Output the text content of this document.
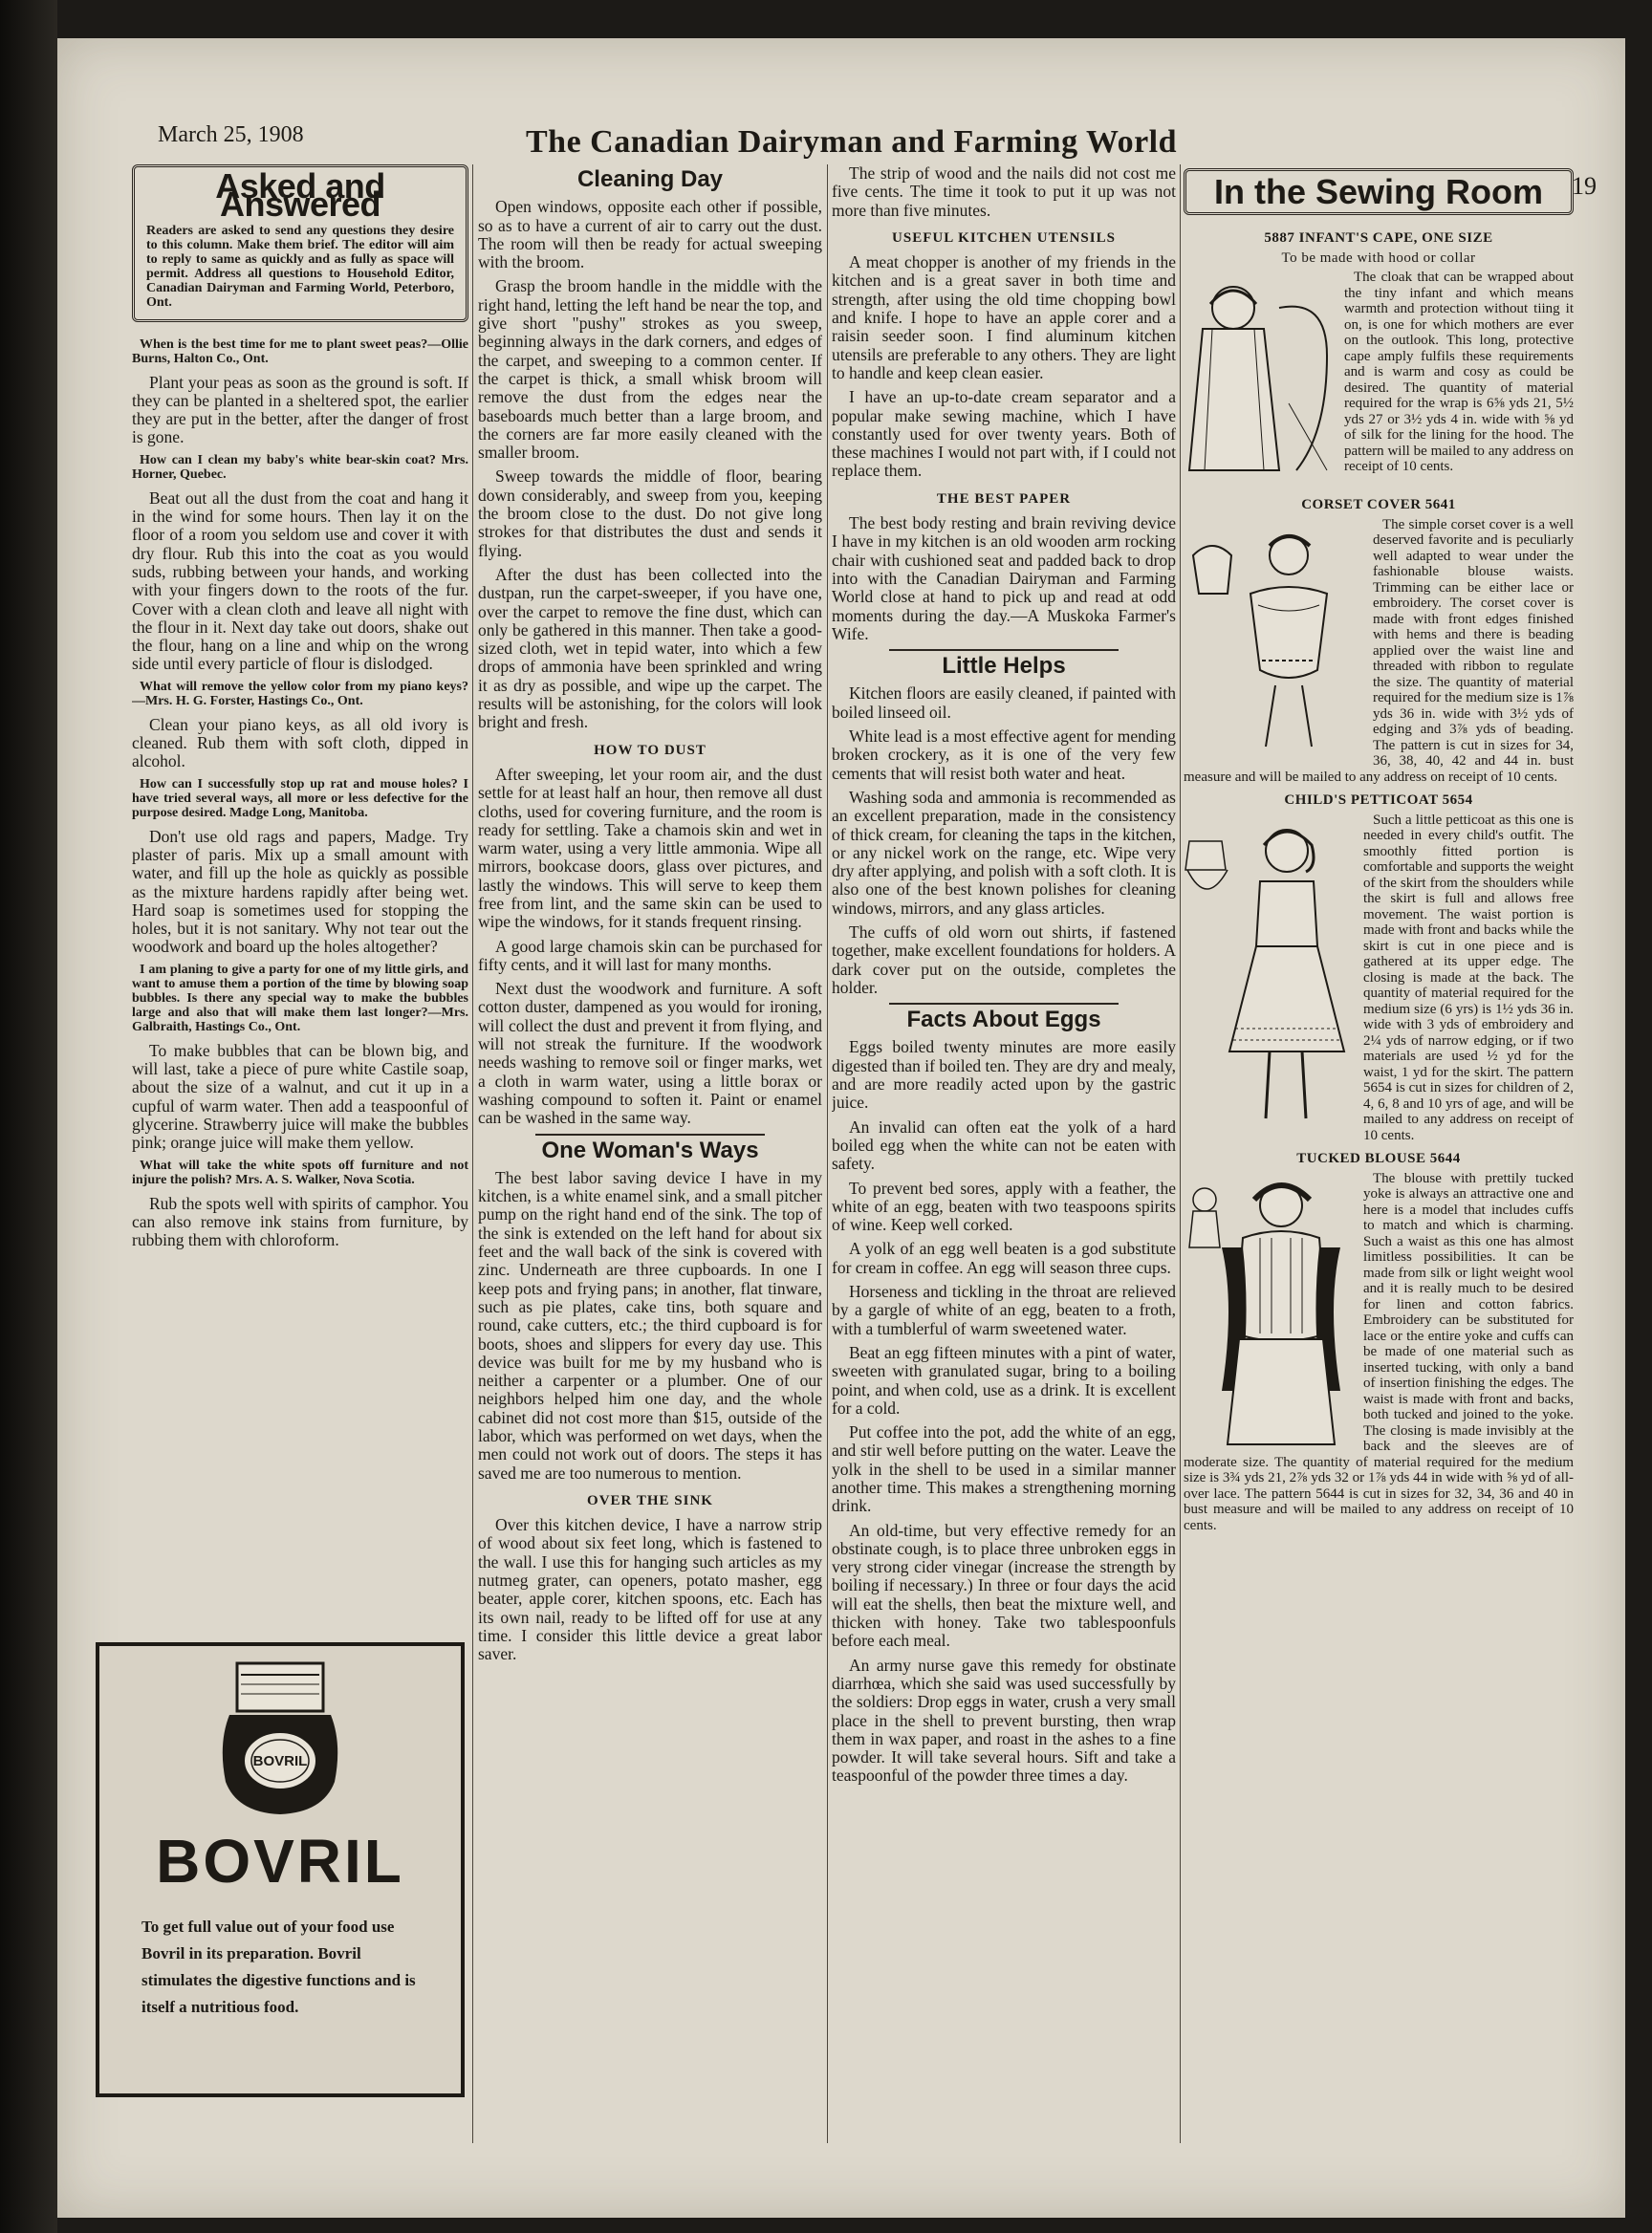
March 25, 1908	The Canadian Dairyman and Farming World
19
Asked and Answered
Readers are asked to send any questions they desire to this column. Make them brief. The editor will aim to reply to same as quickly and as fully as space will permit. Address all questions to Household Editor, Canadian Dairyman and Farming World, Peterboro, Ont.

When is the best time for me to plant sweet peas?—Ollie Burns, Halton Co., Ont.

Plant your peas as soon as the ground is soft. If they can be planted in a sheltered spot, the earlier they are put in the better, after the danger of frost is gone.

How can I clean my baby's white bear-skin coat? Mrs. Horner, Quebec.

Beat out all the dust from the coat and hang it in the wind for some hours. Then lay it on the floor of a room you seldom use and cover it with dry flour. Rub this into the coat as you would suds, rubbing between your hands, and working with your fingers down to the roots of the fur. Cover with a clean cloth and leave all night with the flour in it. Next day take out doors, shake out the flour, hang on a line and whip on the wrong side until every particle of flour is dislodged.

What will remove the yellow color from my piano keys?—Mrs. H. G. Forster, Hastings Co., Ont.

Clean your piano keys, as all old ivory is cleaned. Rub them with soft cloth, dipped in alcohol.

How can I successfully stop up rat and mouse holes? I have tried several ways, all more or less defective for the purpose desired. Madge Long, Manitoba.

Don't use old rags and papers, Madge. Try plaster of paris. Mix up a small amount with water, and fill up the hole as quickly as possible as the mixture hardens rapidly after being wet. Hard soap is sometimes used for stopping the holes, but it is not sanitary. Why not tear out the woodwork and board up the holes altogether?

I am planing to give a party for one of my little girls, and want to amuse them a portion of the time by blowing soap bubbles. Is there any special way to make the bubbles large and also that will make them last longer?—Mrs. Galbraith, Hastings Co., Ont.

To make bubbles that can be blown big, and will last, take a piece of pure white Castile soap, about the size of a walnut, and cut it up in a cupful of warm water. Then add a teaspoonful of glycerine. Strawberry juice will make the bubbles pink; orange juice will make them yellow.

What will take the white spots off furniture and not injure the polish? Mrs. A. S. Walker, Nova Scotia.

Rub the spots well with spirits of camphor. You can also remove ink stains from furniture, by rubbing them with chloroform.

BOVRIL
BOVRIL
To get full value out of your food use Bovril in its preparation. Bovril stimulates the digestive functions and is itself a nutritious food.
Cleaning Day

Open windows, opposite each other if possible, so as to have a current of air to carry out the dust. The room will then be ready for actual sweeping with the broom.

Grasp the broom handle in the middle with the right hand, letting the left hand be near the top, and give short "pushy" strokes as you sweep, beginning always in the dark corners, and edges of the carpet, and sweeping to a common center. If the carpet is thick, a small whisk broom will remove the dust from the edges near the baseboards much better than a large broom, and the corners are far more easily cleaned with the smaller broom.

Sweep towards the middle of floor, bearing down considerably, and sweep from you, keeping the broom close to the dust. Do not give long strokes for that distributes the dust and sends it flying.

After the dust has been collected into the dustpan, run the carpet-sweeper, if you have one, over the carpet to remove the fine dust, which can only be gathered in this manner. Then take a good-sized cloth, wet in tepid water, into which a few drops of ammonia have been sprinkled and wring it as dry as possible, and wipe up the carpet. The results will be astonishing, for the colors will look bright and fresh.

HOW TO DUST

After sweeping, let your room air, and the dust settle for at least half an hour, then remove all dust cloths, used for covering furniture, and the room is ready for settling. Take a chamois skin and wet in warm water, using a very little ammonia. Wipe all mirrors, bookcase doors, glass over pictures, and lastly the windows. This will serve to keep them free from lint, and the same skin can be used to wipe the windows, for it stands frequent rinsing.

A good large chamois skin can be purchased for fifty cents, and it will last for many months.

Next dust the woodwork and furniture. A soft cotton duster, dampened as you would for ironing, will collect the dust and prevent it from flying, and will not streak the furniture. If the woodwork needs washing to remove soil or finger marks, wet a cloth in warm water, using a little borax or washing compound to soften it. Paint or enamel can be washed in the same way.

One Woman's Ways

The best labor saving device I have in my kitchen, is a white enamel sink, and a small pitcher pump on the right hand end of the sink. The top of the sink is extended on the left hand for about six feet and the wall back of the sink is covered with zinc. Underneath are three cupboards. In one I keep pots and frying pans; in another, flat tinware, such as pie plates, cake tins, both square and round, cake cutters, etc.; the third cupboard is for boots, shoes and slippers for every day use. This device was built for me by my husband who is neither a carpenter or a plumber. One of our neighbors helped him one day, and the whole cabinet did not cost more than $15, outside of the labor, which was performed on wet days, when the men could not work out of doors. The steps it has saved me are too numerous to mention.

OVER THE SINK

Over this kitchen device, I have a narrow strip of wood about six feet long, which is fastened to the wall. I use this for hanging such articles as my nutmeg grater, can openers, potato masher, egg beater, apple corer, kitchen spoons, etc. Each has its own nail, ready to be lifted off for use at any time. I consider this little device a great labor saver.

The strip of wood and the nails did not cost me five cents. The time it took to put it up was not more than five minutes.

USEFUL KITCHEN UTENSILS

A meat chopper is another of my friends in the kitchen and is a great saver in both time and strength, after using the old time chopping bowl and knife. I hope to have an apple corer and a raisin seeder soon. I find aluminum kitchen utensils are preferable to any others. They are light to handle and keep clean easier.

I have an up-to-date cream separator and a popular make sewing machine, which I have constantly used for over twenty years. Both of these machines I would not part with, if I could not replace them.

THE BEST PAPER

The best body resting and brain reviving device I have in my kitchen is an old wooden arm rocking chair with cushioned seat and padded back to drop into with the Canadian Dairyman and Farming World close at hand to pick up and read at odd moments during the day.—A Muskoka Farmer's Wife.

Little Helps

Kitchen floors are easily cleaned, if painted with boiled linseed oil.

White lead is a most effective agent for mending broken crockery, as it is one of the very few cements that will resist both water and heat.

Washing soda and ammonia is recommended as an excellent preparation, made in the consistency of thick cream, for cleaning the taps in the kitchen, or any nickel work on the range, etc. Wipe very dry after applying, and polish with a soft cloth. It is also one of the best known polishes for cleaning windows, mirrors, and any glass articles.

The cuffs of old worn out shirts, if fastened together, make excellent foundations for holders. A dark cover put on the outside, completes the holder.

Facts About Eggs

Eggs boiled twenty minutes are more easily digested than if boiled ten. They are dry and mealy, and are more readily acted upon by the gastric juice.

An invalid can often eat the yolk of a hard boiled egg when the white can not be eaten with safety.

To prevent bed sores, apply with a feather, the white of an egg, beaten with two teaspoons spirits of wine. Keep well corked.

A yolk of an egg well beaten is a god substitute for cream in coffee. An egg will season three cups.

Horseness and tickling in the throat are relieved by a gargle of white of an egg, beaten to a froth, with a tumblerful of warm sweetened water.

Beat an egg fifteen minutes with a pint of water, sweeten with granulated sugar, bring to a boiling point, and when cold, use as a drink. It is excellent for a cold.

Put coffee into the pot, add the white of an egg, and stir well before putting on the water. Leave the yolk in the shell to be used in a similar manner another time. This makes a strengthening morning drink.

An old-time, but very effective remedy for an obstinate cough, is to place three unbroken eggs in very strong cider vinegar (increase the strength by boiling if necessary.) In three or four days the acid will eat the shells, then beat the mixture well, and thicken with honey. Take two tablespoonfuls before each meal.

An army nurse gave this remedy for obstinate diarrhœa, which she said was used successfully by the soldiers: Drop eggs in water, crush a very small place in the shell to prevent bursting, then wrap them in wax paper, and roast in the ashes to a fine powder. It will take several hours. Sift and take a teaspoonful of the powder three times a day.

In the Sewing Room
5887 INFANT'S CAPE, ONE SIZE
To be made with hood or collar

The cloak that can be wrapped about the tiny infant and which means warmth and protection without tiing it on, is one for which mothers are ever on the outlook. This long, protective cape amply fulfils these requirements and is warm and cosy as could be desired. The quantity of material required for the wrap is 6⅝ yds 21, 5½ yds 27 or 3½ yds 4 in. wide with ⅝ yd of silk for the lining for the hood. The pattern will be mailed to any address on receipt of 10 cents.

CORSET COVER 5641

The simple corset cover is a well deserved favorite and is peculiarly well adapted to wear under the fashionable blouse waists. Trimming can be either lace or embroidery. The corset cover is made with front edges finished with hems and there is beading applied over the waist line and threaded with ribbon to regulate the size. The quantity of material required for the medium size is 1⅞ yds 36 in. wide with 3½ yds of edging and 3⅞ yds of beading. The pattern is cut in sizes for 34, 36, 38, 40, 42 and 44 in. bust measure and will be mailed to any address on receipt of 10 cents.

CHILD'S PETTICOAT 5654

Such a little petticoat as this one is needed in every child's outfit. The smoothly fitted portion is comfortable and supports the weight of the skirt from the shoulders while the skirt is full and allows free movement. The waist portion is made with front and backs while the skirt is cut in one piece and is gathered at its upper edge. The closing is made at the back. The quantity of material required for the medium size (6 yrs) is 1½ yds 36 in. wide with 3 yds of embroidery and 2¼ yds of narrow edging, or if two materials are used ½ yd for the waist, 1 yd for the skirt. The pattern 5654 is cut in sizes for children of 2, 4, 6, 8 and 10 yrs of age, and will be mailed to any address on receipt of 10 cents.

TUCKED BLOUSE 5644

The blouse with prettily tucked yoke is always an attractive one and here is a model that includes cuffs to match and which is charming. Such a waist as this one has almost limitless possibilities. It can be made from silk or light weight wool and it is really much to be desired for linen and cotton fabrics. Embroidery can be substituted for lace or the entire yoke and cuffs can be made of one material such as inserted tucking, with only a band of insertion finishing the edges. The waist is made with front and backs, both tucked and joined to the yoke. The closing is made invisibly at the back and the sleeves are of moderate size. The quantity of material required for the medium size is 3¾ yds 21, 2⅞ yds 32 or 1⅞ yds 44 in wide with ⅝ yd of all-over lace. The pattern 5644 is cut in sizes for 32, 34, 36 and 40 in bust measure and will be mailed to any address on receipt of 10 cents.
